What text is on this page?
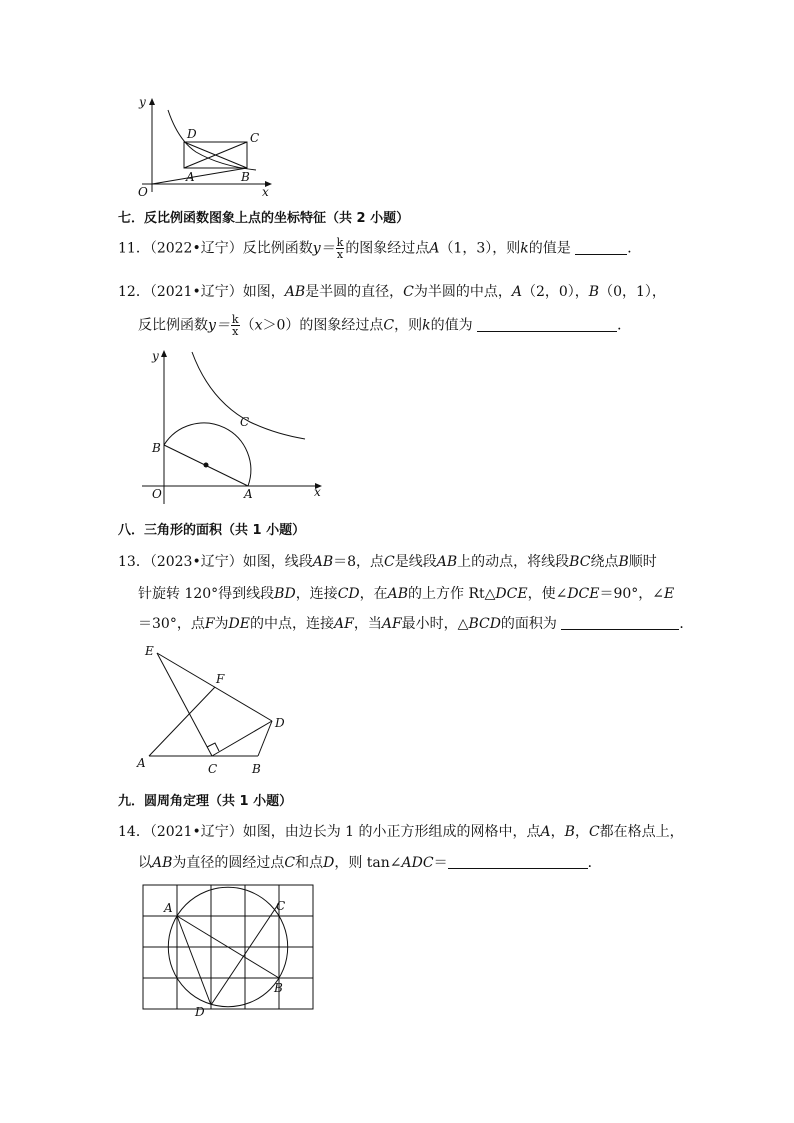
y
x
O
D	C
A	B
七．反比例函数图象上点的坐标特征（共 2 小题）
11．（2022•辽宁）反比例函数$y= \frac{k}{x}$ 的图象经过点A（1，3），则k的值是	．
12．（2021•辽宁）如图，AB是半圆的直径，C为半圆的中点，A（2，0），B（0，1），
反比例函数$y= \frac{k}{x} (x>0)$的图象经过点C，则k的值为	．
y
x
O
B
A
C
八．三角形的面积（共 1 小题）
13．（2023•辽宁）如图，线段AB＝8，点C是线段AB上的动点，将线段BC绕点B顺时
针旋转 120°得到线段BD，连接CD，在AB的上方作 Rt△DCE，使∠DCE＝90°，∠E
＝30°，点F为DE的中点，连接AF，当AF最小时，△BCD的面积为	．
E
F
D
A	C	B
九．圆周角定理（共 1 小题）
14．（2021•辽宁）如图，由边长为 1 的小正方形组成的网格中，点A，B，C都在格点上，
以AB为直径的圆经过点C和点D，则 tan∠ADC＝	．
A	C
B
D
